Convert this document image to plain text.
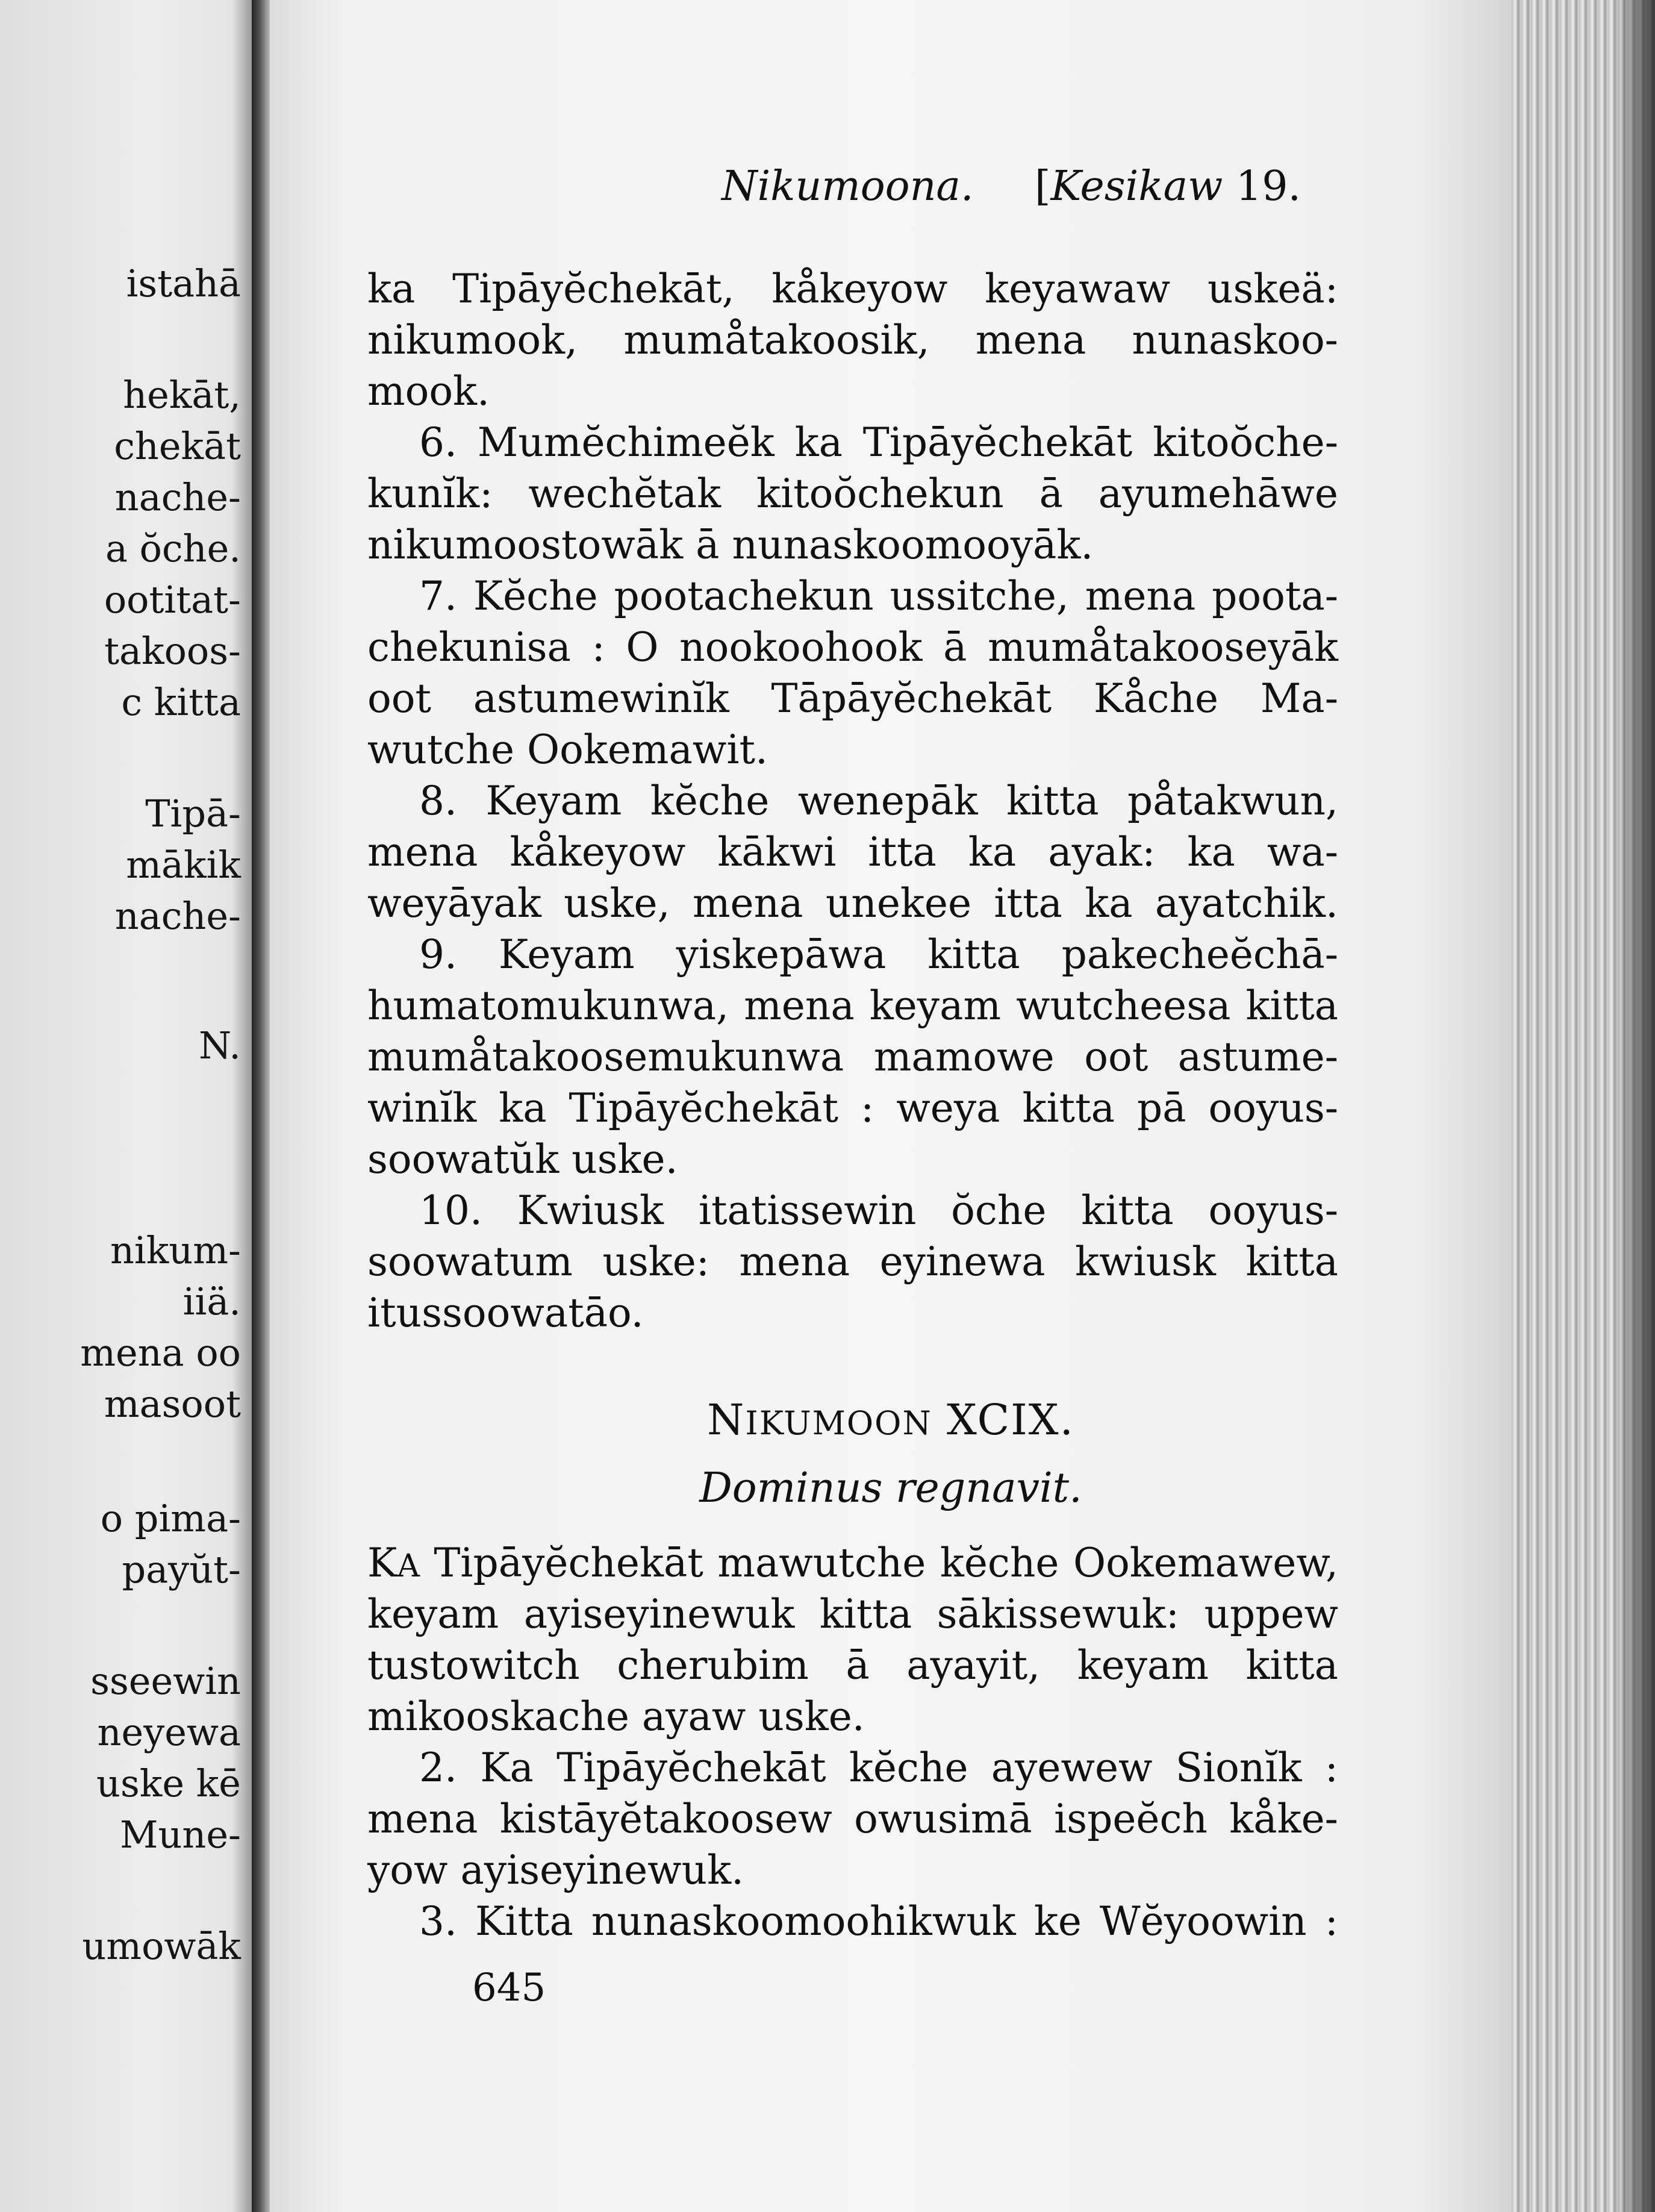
istahā
hekāt,
chekāt
nache-
a ŏche.
ootitat-
takoos-
c kitta
Tipā-
mākik
nache-
N.
nikum-
iiä.
mena oo
masoot
o pima-
payŭt-
sseewin
neyewa
uske kē
Mune-
umowāk
Nikumoona. [Kesikaw 19.
ka Tipāyĕchekāt, kåkeyow keyawaw uskeä:
nikumook, mumåtakoosik, mena nunaskoo-
mook.
6. Mumĕchimeĕk ka Tipāyĕchekāt kitoŏche-
kunĭk: wechĕtak kitoŏchekun ā ayumehāwe
nikumoostowāk ā nunaskoomooyāk.
7. Kĕche pootachekun ussitche, mena poota-
chekunisa : O nookoohook ā mumåtakooseyāk
oot astumewinĭk Tāpāyĕchekāt Kåche Ma-
wutche Ookemawit.
8. Keyam kĕche wenepāk kitta påtakwun,
mena kåkeyow kākwi itta ka ayak: ka wa-
weyāyak uske, mena unekee itta ka ayatchik.
9. Keyam yiskepāwa kitta pakecheĕchā-
humatomukunwa, mena keyam wutcheesa kitta
mumåtakoosemukunwa mamowe oot astume-
winĭk ka Tipāyĕchekāt : weya kitta pā ooyus-
soowatŭk uske.
10. Kwiusk itatissewin ŏche kitta ooyus-
soowatum uske: mena eyinewa kwiusk kitta
itussoowatāo.
NIKUMOON XCIX.
Dominus regnavit.
KA Tipāyĕchekāt mawutche kĕche Ookemawew,
keyam ayiseyinewuk kitta sākissewuk: uppew
tustowitch cherubim ā ayayit, keyam kitta
mikooskache ayaw uske.
2. Ka Tipāyĕchekāt kĕche ayewew Sionĭk :
mena kistāyĕtakoosew owusimā ispeĕch kåke-
yow ayiseyinewuk.
3. Kitta nunaskoomoohikwuk ke Wĕyoowin :
645
